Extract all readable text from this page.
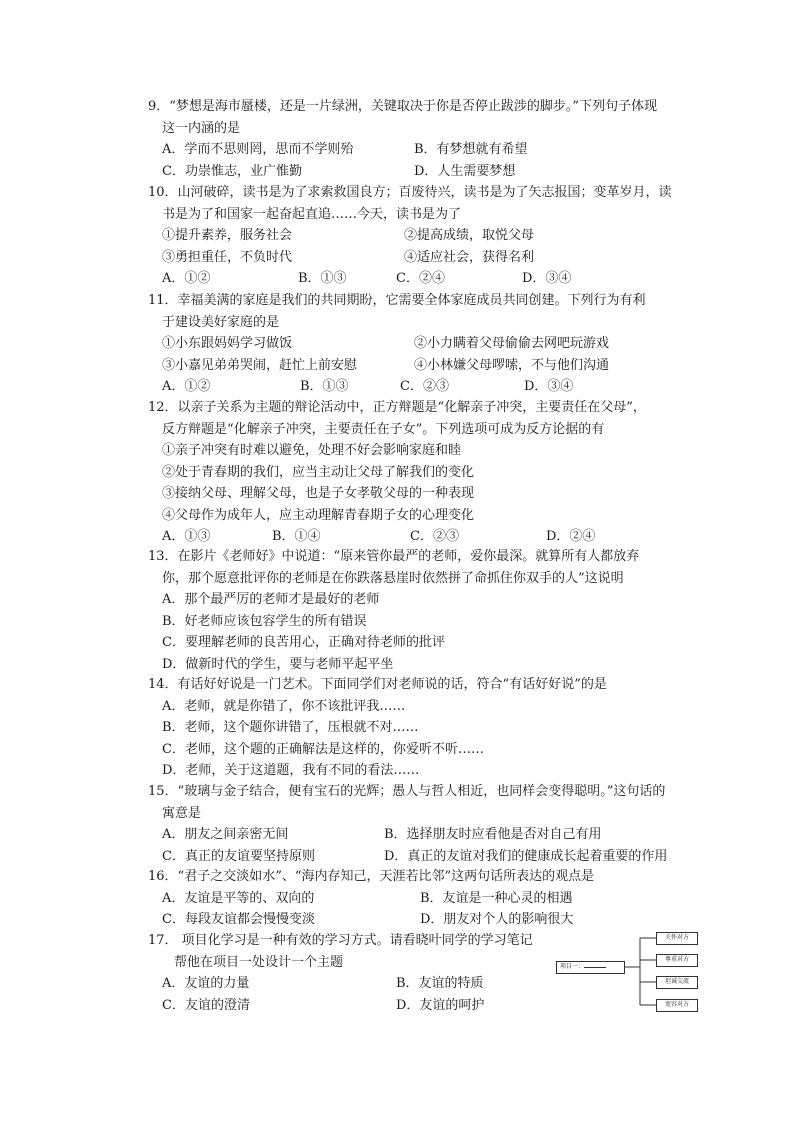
9．“梦想是海市蜃楼，还是一片绿洲，关键取决于你是否停止跋涉的脚步。”下列句子体现
这一内涵的是
A．学而不思则罔，思而不学则殆	B．有梦想就有希望
C．功崇惟志，业广惟勤	D．人生需要梦想
10．山河破碎，读书是为了求索救国良方；百废待兴，读书是为了矢志报国；变革岁月，读
书是为了和国家一起奋起直追……今天，读书是为了
①提升素养，服务社会	②提高成绩，取悦父母
③勇担重任，不负时代	④适应社会，获得名利
A．①②	B．①③	C．②④	D．③④
11．幸福美满的家庭是我们的共同期盼，它需要全体家庭成员共同创建。下列行为有利
于建设美好家庭的是
①小东跟妈妈学习做饭	②小力瞒着父母偷偷去网吧玩游戏
③小嘉见弟弟哭闹，赶忙上前安慰	④小林嫌父母啰嗦，不与他们沟通
A．①②	B．①③	C．②③	D．③④
12．以亲子关系为主题的辩论活动中，正方辩题是“化解亲子冲突，主要责任在父母”，
反方辩题是“化解亲子冲突，主要责任在子女”。下列选项可成为反方论据的有
①亲子冲突有时难以避免，处理不好会影响家庭和睦
②处于青春期的我们，应当主动让父母了解我们的变化
③接纳父母、理解父母，也是子女孝敬父母的一种表现
④父母作为成年人，应主动理解青春期子女的心理变化
A．①③	B．①④	C．②③	D．②④
13．在影片《老师好》中说道：“原来管你最严的老师，爱你最深。就算所有人都放弃
你，那个愿意批评你的老师是在你跌落悬崖时依然拼了命抓住你双手的人”这说明
A．那个最严厉的老师才是最好的老师
B．好老师应该包容学生的所有错误
C．要理解老师的良苦用心，正确对待老师的批评
D．做新时代的学生，要与老师平起平坐
14．有话好好说是一门艺术。下面同学们对老师说的话，符合“有话好好说”的是
A．老师，就是你错了，你不该批评我……
B．老师，这个题你讲错了，压根就不对……
C．老师，这个题的正确解法是这样的，你爱听不听……
D．老师，关于这道题，我有不同的看法……
15．“玻璃与金子结合，便有宝石的光辉；愚人与哲人相近，也同样会变得聪明。”这句话的
寓意是
A．朋友之间亲密无间	B．选择朋友时应看他是否对自己有用
C．真正的友谊要坚持原则	D．真正的友谊对我们的健康成长起着重要的作用
16．“君子之交淡如水”、“海内存知己，天涯若比邻”这两句话所表达的观点是
A．友谊是平等的、双向的	B．友谊是一种心灵的相遇
C．每段友谊都会慢慢变淡	D．朋友对个人的影响很大
17． 项目化学习是一种有效的学习方式。请看晓叶同学的学习笔记
帮他在项目一处设计一个主题
A．友谊的力量	B．友谊的特质
C．友谊的澄清	D．友谊的呵护
项目一：
关怀对方
尊重对方
坦诚交流
宽容对方
